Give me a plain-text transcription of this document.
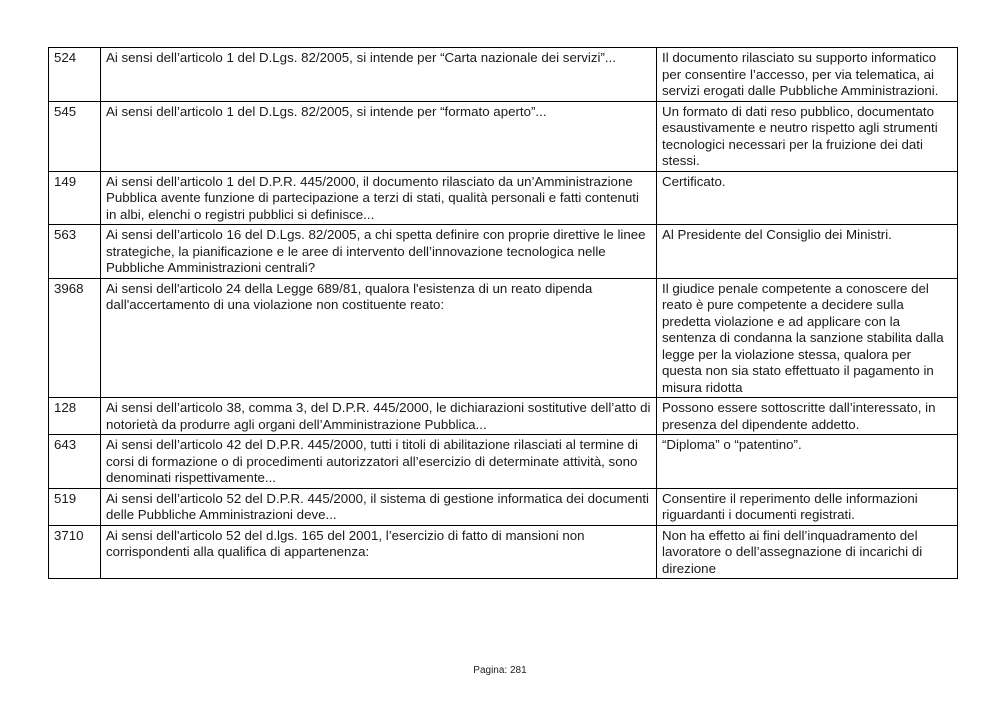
524	Ai sensi dell’articolo 1 del D.Lgs. 82/2005, si intende per “Carta nazionale dei servizi”...	Il documento rilasciato su supporto informatico per consentire l’accesso, per via telematica, ai servizi erogati dalle Pubbliche Amministrazioni.
545	Ai sensi dell’articolo 1 del D.Lgs. 82/2005, si intende per “formato aperto”...	Un formato di dati reso pubblico, documentato esaustivamente e neutro rispetto agli strumenti tecnologici necessari per la fruizione dei dati stessi.
149	Ai sensi dell’articolo 1 del D.P.R. 445/2000, il documento rilasciato da un’Amministrazione Pubblica avente funzione di partecipazione a terzi di stati, qualità personali e fatti contenuti in albi, elenchi o registri pubblici si definisce...	Certificato.
563	Ai sensi dell’articolo 16 del D.Lgs. 82/2005, a chi spetta definire con proprie direttive le linee strategiche, la pianificazione e le aree di intervento dell’innovazione tecnologica nelle Pubbliche Amministrazioni centrali?	Al Presidente del Consiglio dei Ministri.
3968	Ai sensi dell'articolo 24 della Legge 689/81, qualora l'esistenza di un reato dipenda dall'accertamento di una violazione non costituente reato:	Il giudice penale competente a conoscere del reato è pure competente a decidere sulla predetta violazione e ad applicare con la sentenza di condanna la sanzione stabilita dalla legge per la violazione stessa, qualora per questa non sia stato effettuato il pagamento in misura ridotta
128	Ai sensi dell’articolo 38, comma 3, del D.P.R. 445/2000, le dichiarazioni sostitutive dell’atto di notorietà da produrre agli organi dell’Amministrazione Pubblica...	Possono essere sottoscritte dall’interessato, in presenza del dipendente addetto.
643	Ai sensi dell’articolo 42 del D.P.R. 445/2000, tutti i titoli di abilitazione rilasciati al termine di corsi di formazione o di procedimenti autorizzatori all’esercizio di determinate attività, sono denominati rispettivamente...	“Diploma” o “patentino”.
519	Ai sensi dell’articolo 52 del D.P.R. 445/2000, il sistema di gestione informatica dei documenti delle Pubbliche Amministrazioni deve...	Consentire il reperimento delle informazioni riguardanti i documenti registrati.
3710	Ai sensi dell'articolo 52 del d.lgs. 165 del 2001, l’esercizio di fatto di mansioni non corrispondenti alla qualifica di appartenenza:	Non ha effetto ai fini dell’inquadramento del lavoratore o dell’assegnazione di incarichi di direzione
Pagina: 281
